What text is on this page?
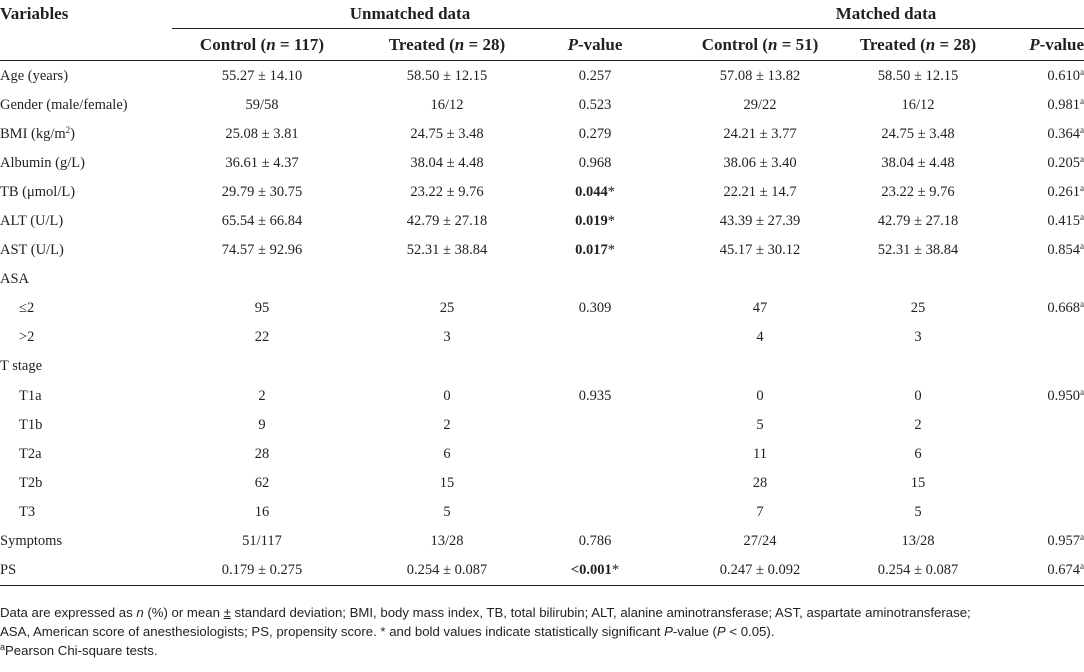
Variables	Unmatched data			Matched data		
	Control (n = 117)	Treated (n = 28)	P-value	Control (n = 51)	Treated (n = 28)	P-value
Age (years)	55.27 ± 14.10	58.50 ± 12.15	0.257	57.08 ± 13.82	58.50 ± 12.15	0.610$^a$
Gender (male/female)	59/58	16/12	0.523	29/22	16/12	0.981$^a$
BMI $(kg/m^2)$	25.08 ± 3.81	24.75 ± 3.48	0.279	24.21 ± 3.77	24.75 ± 3.48	0.364$^a$
Albumin (g/L)	36.61 ± 4.37	38.04 ± 4.48	0.968	38.06 ± 3.40	38.04 ± 4.48	0.205$^a$
TB (μmol/L)	29.79 ± 30.75	23.22 ± 9.76	0.044*	22.21 ± 14.7	23.22 ± 9.76	0.261$^a$
ALT (U/L)	65.54 ± 66.84	42.79 ± 27.18	0.019*	43.39 ± 27.39	42.79 ± 27.18	0.415$^a$
AST (U/L)	74.57 ± 92.96	52.31 ± 38.84	0.017*	45.17 ± 30.12	52.31 ± 38.84	0.854$^a$
ASA						
≤2	95	25	0.309	47	25	0.668$^a$
>2	22	3		4	3	
T stage						
T1a	2	0	0.935	0	0	0.950$^a$
T1b	9	2		5	2	
T2a	28	6		11	6	
T2b	62	15		28	15	
T3	16	5		7	5	
Symptoms	51/117	13/28	0.786	27/24	13/28	0.957$^a$
PS	0.179 ± 0.275	0.254 ± 0.087	<0.001*	0.247 ± 0.092	0.254 ± 0.087	0.674$^a$

Data are expressed as n (%) or mean ± standard deviation; BMI, body mass index, TB, total bilirubin; ALT, alanine aminotransferase; AST, aspartate aminotransferase;

ASA, American score of anesthesiologists; PS, propensity score. * and bold values indicate statistically significant P-value (P < 0.05).

$^a$Pearson Chi-square tests.
